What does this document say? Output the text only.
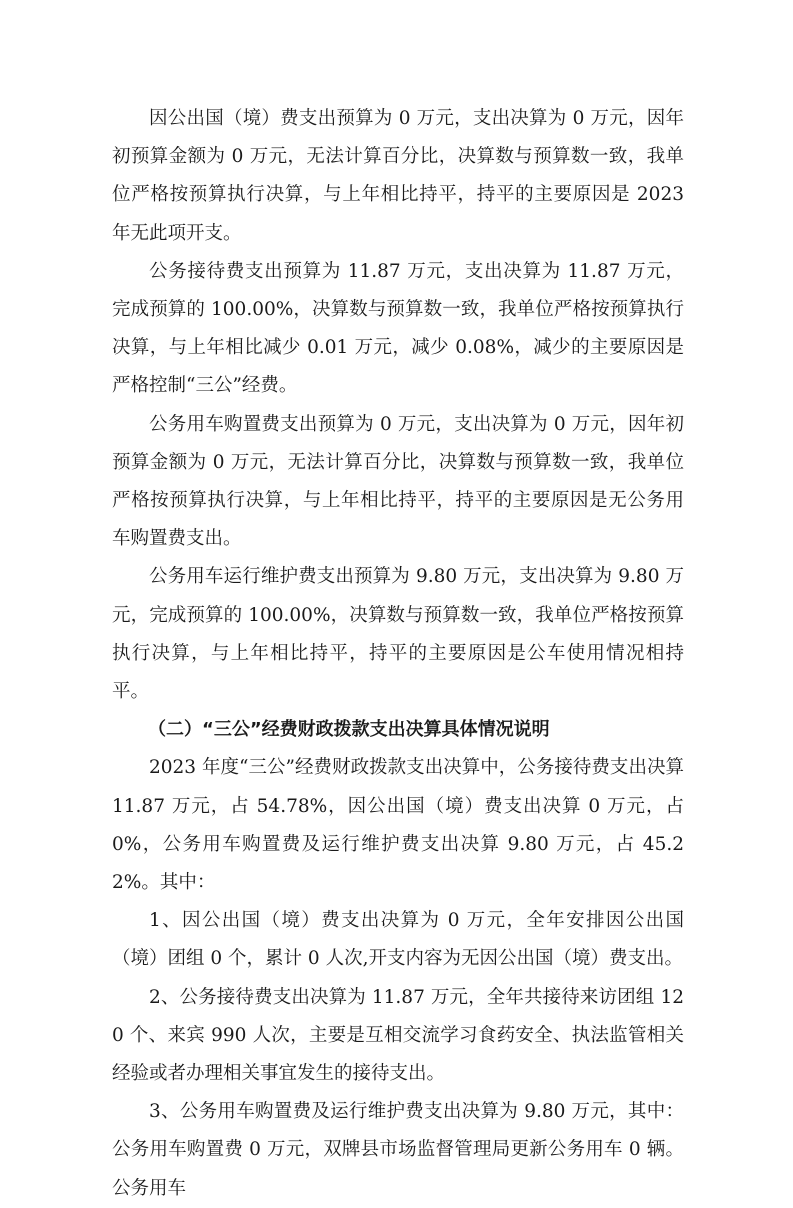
因公出国（境）费支出预算为 0 万元，支出决算为 0 万元，因年初预算金额为 0 万元，无法计算百分比，决算数与预算数一致，我单位严格按预算执行决算，与上年相比持平，持平的主要原因是 2023 年无此项开支。

公务接待费支出预算为 11.87 万元，支出决算为 11.87 万元，完成预算的 100.00%，决算数与预算数一致，我单位严格按预算执行决算，与上年相比减少 0.01 万元，减少 0.08%，减少的主要原因是严格控制“三公”经费。

公务用车购置费支出预算为 0 万元，支出决算为 0 万元，因年初预算金额为 0 万元，无法计算百分比，决算数与预算数一致，我单位严格按预算执行决算，与上年相比持平，持平的主要原因是无公务用车购置费支出。

公务用车运行维护费支出预算为 9.80 万元，支出决算为 9.80 万元，完成预算的 100.00%，决算数与预算数一致，我单位严格按预算执行决算，与上年相比持平，持平的主要原因是公车使用情况相持平。

（二）“三公”经费财政拨款支出决算具体情况说明

2023 年度“三公”经费财政拨款支出决算中，公务接待费支出决算 11.87 万元，占 54.78%，因公出国（境）费支出决算 0 万元，占 0%，公务用车购置费及运行维护费支出决算 9.80 万元，占 45.22%。其中：

1、因公出国（境）费支出决算为 0 万元，全年安排因公出国（境）团组 0 个，累计 0 人次,开支内容为无因公出国（境）费支出。

2、公务接待费支出决算为 11.87 万元，全年共接待来访团组 120 个、来宾 990 人次，主要是互相交流学习食药安全、执法监管相关经验或者办理相关事宜发生的接待支出。

3、公务用车购置费及运行维护费支出决算为 9.80 万元，其中：公务用车购置费 0 万元，双牌县市场监督管理局更新公务用车 0 辆。公务用车
